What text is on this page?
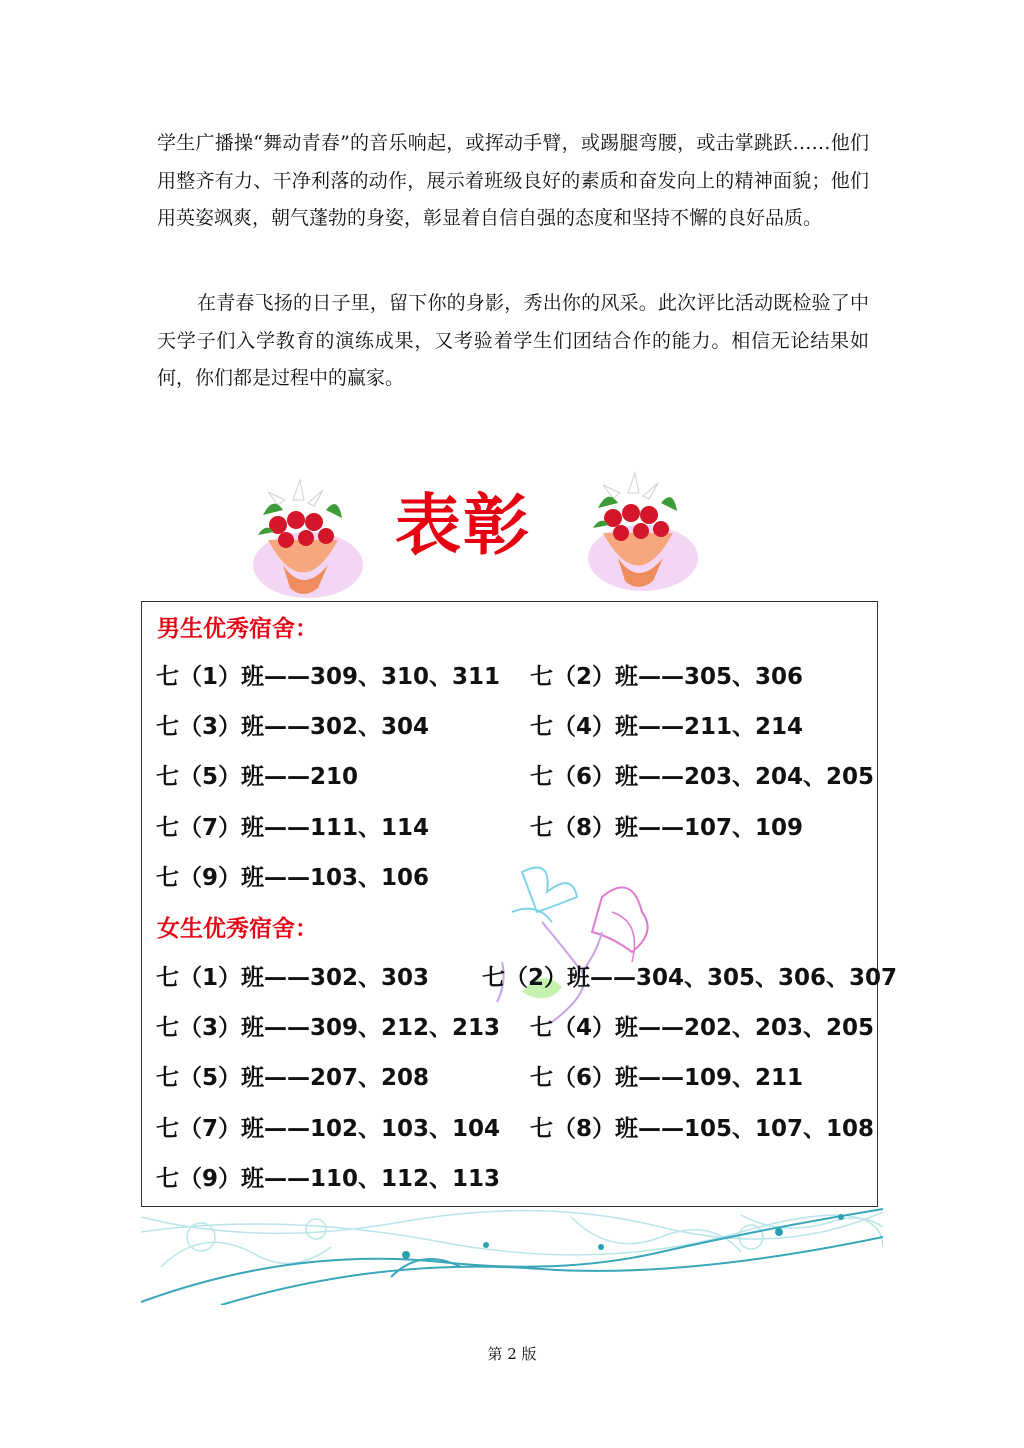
学生广播操“舞动青春”的音乐响起，或挥动手臂，或踢腿弯腰，或击掌跳跃……他们用整齐有力、干净利落的动作，展示着班级良好的素质和奋发向上的精神面貌；他们用英姿飒爽，朝气蓬勃的身姿，彰显着自信自强的态度和坚持不懈的良好品质。

在青春飞扬的日子里，留下你的身影，秀出你的风采。此次评比活动既检验了中天学子们入学教育的演练成果，又考验着学生们团结合作的能力。相信无论结果如何，你们都是过程中的赢家。

表彰
男生优秀宿舍：
七（1）班——309、310、311 七（2）班——305、306
七（3）班——302、304	七（4）班——211、214
七（5）班——210	七（6）班——203、204、205
七（7）班——111、114	七（8）班——107、109
七（9）班——103、106
女生优秀宿舍：
七（1）班——302、303 七（2）班——304、305、306、307
七（3）班——309、212、213 七（4）班——202、203、205
七（5）班——207、208	七（6）班——109、211
七（7）班——102、103、104 七（8）班——105、107、108
七（9）班——110、112、113
第 2 版
